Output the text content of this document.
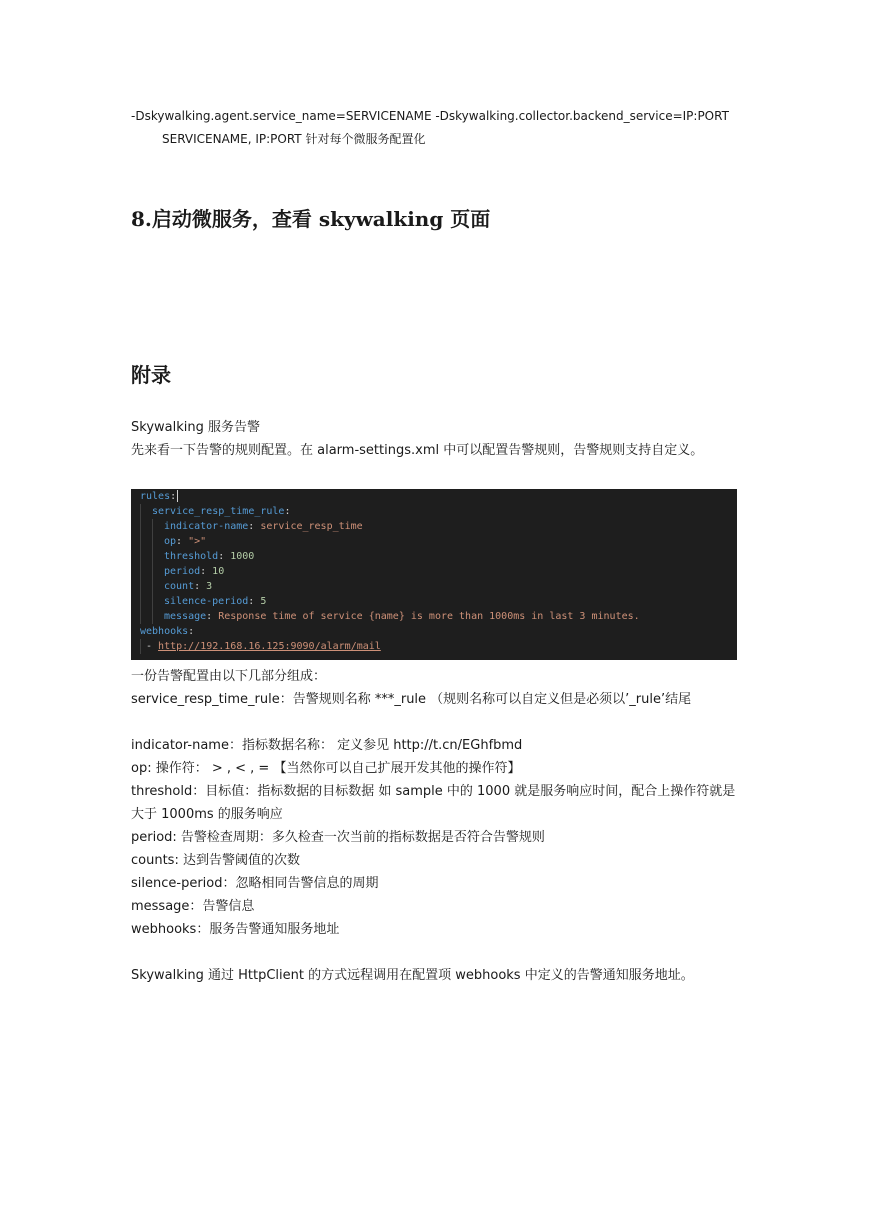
-Dskywalking.agent.service_name=SERVICENAME -Dskywalking.collector.backend_service=IP:PORT
SERVICENAME, IP:PORT 针对每个微服务配置化
8.启动微服务，查看 skywalking 页面
附录
Skywalking 服务告警
先来看一下告警的规则配置。在 alarm-settings.xml 中可以配置告警规则，告警规则支持自定义。
rules:
service_resp_time_rule:
indicator-name: service_resp_time
op: ">"
threshold: 1000
period: 10
count: 3
silence-period: 5
message: Response time of service {name} is more than 1000ms in last 3 minutes.
webhooks:
- http://192.168.16.125:9090/alarm/mail
一份告警配置由以下几部分组成：
service_resp_time_rule：告警规则名称 ***_rule （规则名称可以自定义但是必须以’_rule’结尾
indicator-name：指标数据名称： 定义参见 http://t.cn/EGhfbmd
op: 操作符： > , < , = 【当然你可以自己扩展开发其他的操作符】
threshold：目标值：指标数据的目标数据 如 sample 中的 1000 就是服务响应时间，配合上操作符就是大于 1000ms 的服务响应
period: 告警检查周期：多久检查一次当前的指标数据是否符合告警规则
counts: 达到告警阈值的次数
silence-period：忽略相同告警信息的周期
message：告警信息
webhooks：服务告警通知服务地址
Skywalking 通过 HttpClient 的方式远程调用在配置项 webhooks 中定义的告警通知服务地址。
